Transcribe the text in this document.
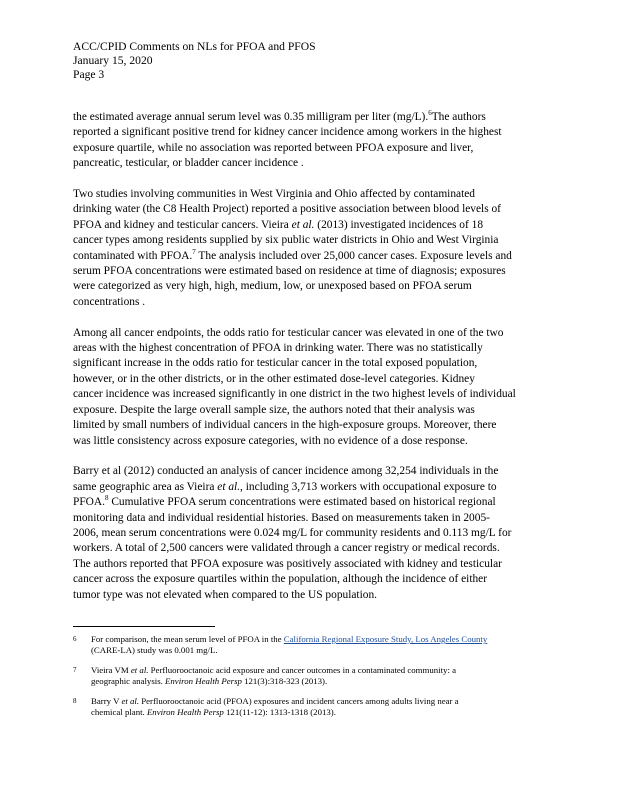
ACC/CPID Comments on NLs for PFOA and PFOS
January 15, 2020
Page 3

the estimated average annual serum level was 0.35 milligram per liter (mg/L).$^6$The authors
reported a significant positive trend for kidney cancer incidence among workers in the highest
exposure quartile, while no association was reported between PFOA exposure and liver,
pancreatic, testicular, or bladder cancer incidence .

Two studies involving communities in West Virginia and Ohio affected by contaminated
drinking water (the C8 Health Project) reported a positive association between blood levels of
PFOA and kidney and testicular cancers. Vieira et al. (2013) investigated incidences of 18
cancer types among residents supplied by six public water districts in Ohio and West Virginia
contaminated with PFOA.$^7$ The analysis included over 25,000 cancer cases. Exposure levels and
serum PFOA concentrations were estimated based on residence at time of diagnosis; exposures
were categorized as very high, high, medium, low, or unexposed based on PFOA serum
concentrations .

Among all cancer endpoints, the odds ratio for testicular cancer was elevated in one of the two
areas with the highest concentration of PFOA in drinking water. There was no statistically
significant increase in the odds ratio for testicular cancer in the total exposed population,
however, or in the other districts, or in the other estimated dose-level categories. Kidney
cancer incidence was increased significantly in one district in the two highest levels of individual
exposure. Despite the large overall sample size, the authors noted that their analysis was
limited by small numbers of individual cancers in the high-exposure groups. Moreover, there
was little consistency across exposure categories, with no evidence of a dose response.

Barry et al (2012) conducted an analysis of cancer incidence among 32,254 individuals in the
same geographic area as Vieira et al., including 3,713 workers with occupational exposure to
PFOA.$^8$ Cumulative PFOA serum concentrations were estimated based on historical regional
monitoring data and individual residential histories. Based on measurements taken in 2005-
2006, mean serum concentrations were 0.024 mg/L for community residents and 0.113 mg/L for
workers. A total of 2,500 cancers were validated through a cancer registry or medical records.
The authors reported that PFOA exposure was positively associated with kidney and testicular
cancer across the exposure quartiles within the population, although the incidence of either
tumor type was not elevated when compared to the US population.

6 For comparison, the mean serum level of PFOA in the California Regional Exposure Study, Los Angeles County
(CARE-LA) study was 0.001 mg/L.
7 Vieira VM et al. Perfluorooctanoic acid exposure and cancer outcomes in a contaminated community: a
geographic analysis. Environ Health Persp 121(3):318-323 (2013).
8 Barry V et al. Perfluorooctanoic acid (PFOA) exposures and incident cancers among adults living near a
chemical plant. Environ Health Persp 121(11-12): 1313-1318 (2013).
